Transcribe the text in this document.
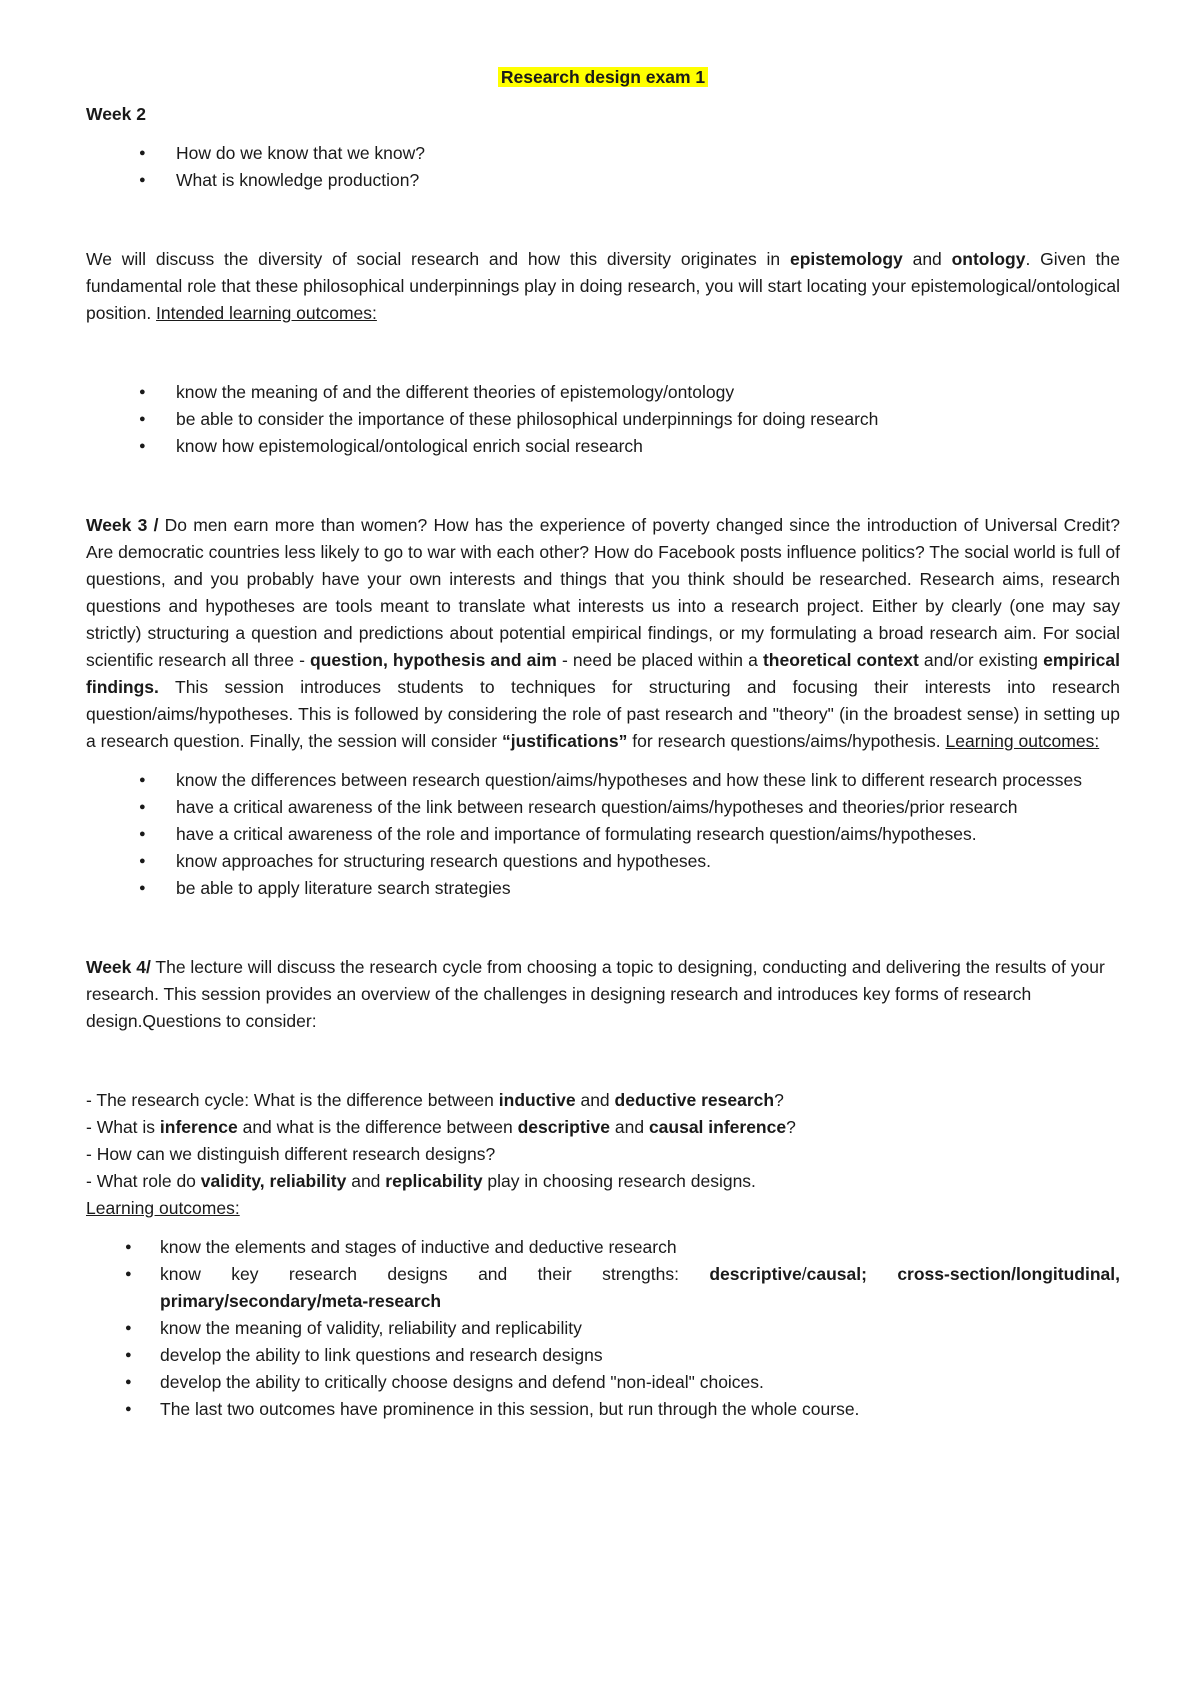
Research design exam 1
Week 2
● How do we know that we know?
● What is knowledge production?

We will discuss the diversity of social research and how this diversity originates in epistemology and ontology. Given the fundamental role that these philosophical underpinnings play in doing research, you will start locating your epistemological/ontological position. Intended learning outcomes:

● know the meaning of and the different theories of epistemology/ontology
● be able to consider the importance of these philosophical underpinnings for doing research
● know how epistemological/ontological enrich social research

Week 3 / Do men earn more than women? How has the experience of poverty changed since the introduction of Universal Credit? Are democratic countries less likely to go to war with each other? How do Facebook posts influence politics? The social world is full of questions, and you probably have your own interests and things that you think should be researched. Research aims, research questions and hypotheses are tools meant to translate what interests us into a research project. Either by clearly (one may say strictly) structuring a question and predictions about potential empirical findings, or my formulating a broad research aim. For social scientific research all three - question, hypothesis and aim - need be placed within a theoretical context and/or existing empirical findings. This session introduces students to techniques for structuring and focusing their interests into research question/aims/hypotheses. This is followed by considering the role of past research and "theory" (in the broadest sense) in setting up a research question. Finally, the session will consider “justifications” for research questions/aims/hypothesis. Learning outcomes:

● know the differences between research question/aims/hypotheses and how these link to different research processes
● have a critical awareness of the link between research question/aims/hypotheses and theories/prior research
● have a critical awareness of the role and importance of formulating research question/aims/hypotheses.
● know approaches for structuring research questions and hypotheses.
● be able to apply literature search strategies

Week 4/ The lecture will discuss the research cycle from choosing a topic to designing, conducting and delivering the results of your research. This session provides an overview of the challenges in designing research and introduces key forms of research design.Questions to consider:

- The research cycle: What is the difference between inductive and deductive research?
- What is inference and what is the difference between descriptive and causal inference?
- How can we distinguish different research designs?
- What role do validity, reliability and replicability play in choosing research designs.
Learning outcomes:
● know the elements and stages of inductive and deductive research
● know key research designs and their strengths: descriptive/causal; cross-section/longitudinal, primary/secondary/meta-research
● know the meaning of validity, reliability and replicability
● develop the ability to link questions and research designs
● develop the ability to critically choose designs and defend "non-ideal" choices.
● The last two outcomes have prominence in this session, but run through the whole course.
